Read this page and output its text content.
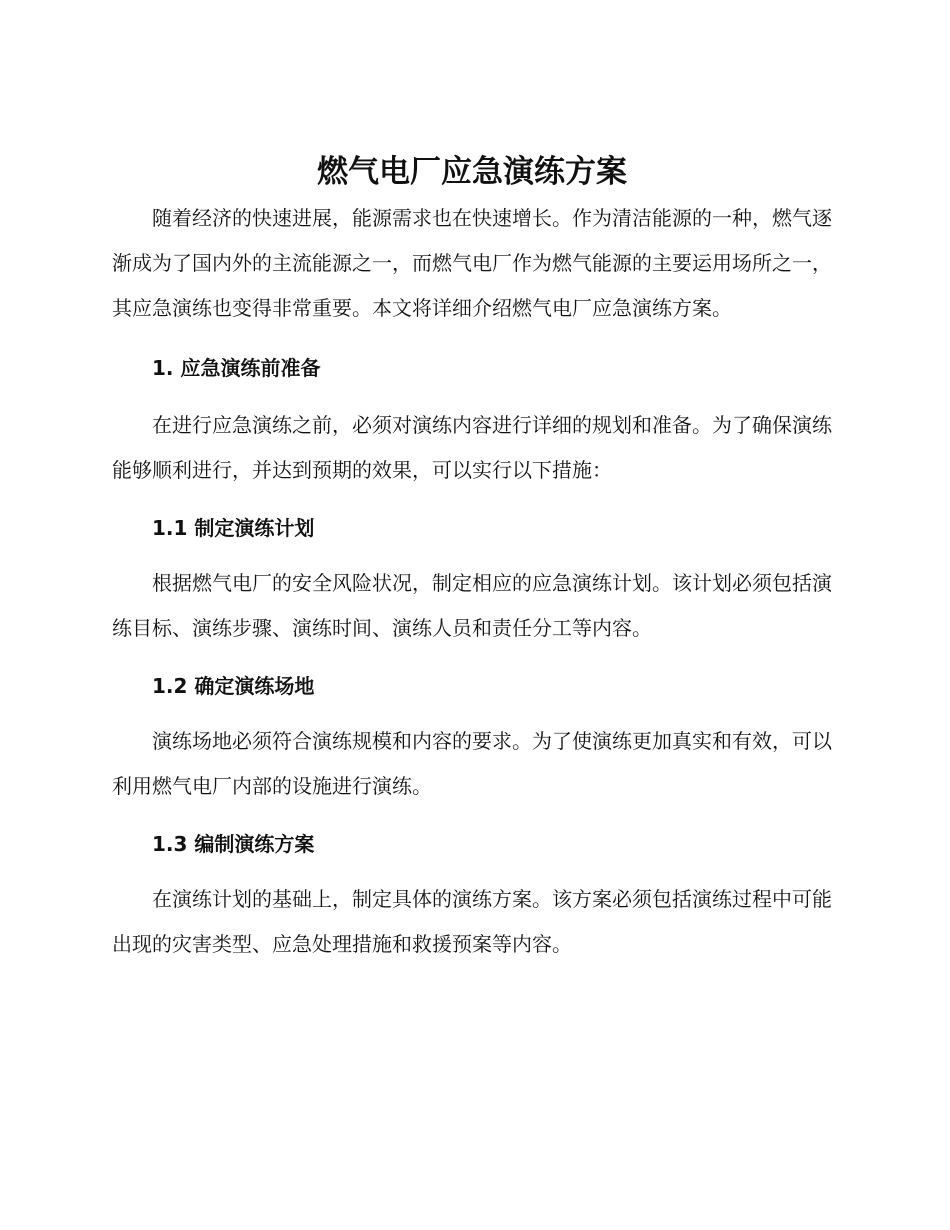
燃气电厂应急演练方案

随着经济的快速进展，能源需求也在快速增长。作为清洁能源的一种，燃气逐渐成为了国内外的主流能源之一，而燃气电厂作为燃气能源的主要运用场所之一，其应急演练也变得非常重要。本文将详细介绍燃气电厂应急演练方案。

1. 应急演练前准备

在进行应急演练之前，必须对演练内容进行详细的规划和准备。为了确保演练能够顺利进行，并达到预期的效果，可以实行以下措施：

1.1 制定演练计划

根据燃气电厂的安全风险状况，制定相应的应急演练计划。该计划必须包括演练目标、演练步骤、演练时间、演练人员和责任分工等内容。

1.2 确定演练场地

演练场地必须符合演练规模和内容的要求。为了使演练更加真实和有效，可以利用燃气电厂内部的设施进行演练。

1.3 编制演练方案

在演练计划的基础上，制定具体的演练方案。该方案必须包括演练过程中可能出现的灾害类型、应急处理措施和救援预案等内容。
